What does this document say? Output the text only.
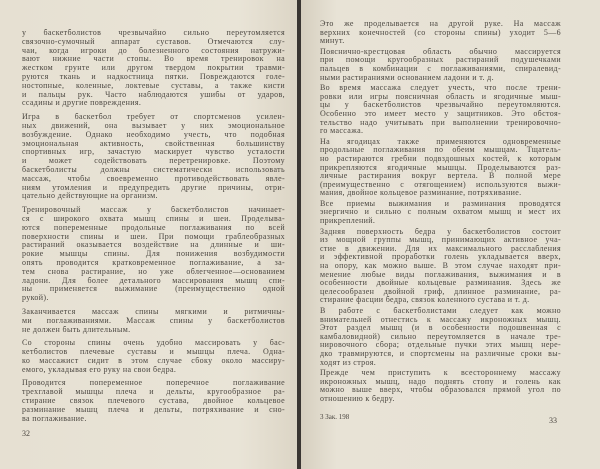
у баскетболистов чрезвычайно сильно переутомляется
связочно-сумочный аппарат суставов. Отмечаются слу-
чаи, когда игроки до болезненного состояния натружи-
вают нижние части стопы. Во время тренировок на
жестком грунте или другом твердом покрытии травми-
руются ткань и надкостница пятки. Повреждаются голе-
ностопные, коленные, локтевые суставы, а также кисти
и пальцы рук. Часто наблюдаются ушибы от ударов,
ссадины и другие повреждения.
Игра в баскетбол требует от спортсменов усилен-
ных движений, она вызывает у них эмоциональное
возбуждение. Однако необходимо учесть, что подобная
эмоциональная активность, свойственная большинству
спортивных игр, зачастую маскирует чувство усталости
и может содействовать перетренировке. Поэтому
баскетболисты должны систематически использовать
массаж, чтобы своевременно противодействовать явле-
ниям утомления и предупредить другие причины, отри-
цательно действующие на организм.
Тренировочный массаж у баскетболистов начинает-
ся с широкого охвата мышц спины и шеи. Проделыва-
ются попеременные продольные поглаживания по всей
поверхности спины и шеи. При помощи граблеобразных
растираний оказывается воздействие на длинные и ши-
рокие мышцы спины. Для понижения возбудимости
опять проводится кратковременное поглаживание, а за-
тем снова растирание, но уже облегченное—основанием
ладони. Для более детального массирования мышц спи-
ны применяется выжимание (преимущественно одной
рукой).
Заканчивается массаж спины мягкими и ритмичны-
ми поглаживаниями. Массаж спины у баскетболистов
не должен быть длительным.
Со стороны спины очень удобно массировать у бас-
кетболистов плечевые суставы и мышцы плеча. Одна-
ко массажист сидит в этом случае сбоку около массиру-
емого, укладывая его руку на свои бедра.
Проводится попеременное поперечное поглаживание
трехглавой мышцы плеча и дельты, кругообразное ра-
стирание связок плечевого сустава, двойное кольцевое
разминание мышц плеча и дельты, потряхивание и сно-
ва поглаживание.
32
Это же проделывается на другой руке. На массаж
верхних конечностей (со стороны спины) уходит 5—6
минут.
Пояснично-крестцовая область обычно массируется
при помощи кругообразных растираний подушечками
пальцев в комбинации с поглаживаниями, спиралевид-
ными растираниями основанием ладони и т. д.
Во время массажа следует учесть, что после трени-
ровки или игры поясничная область и ягодичные мыш-
цы у баскетболистов чрезвычайно переутомляются.
Особенно это имеет место у защитников. Это обстоя-
тельство надо учитывать при выполнении тренировочно-
го массажа.
На ягодицах также применяются одновременные
продольные поглаживания по обеим мышцам. Тщатель-
но растираются гребни подвздошных костей, к которым
прикрепляются ягодичные мышцы. Проделываются раз-
личные растирания вокруг вертела. В полной мере
(преимущественно с отягощением) используются выжи-
мания, двойное кольцевое разминание, потряхивание.
Все приемы выжимания и разминания проводятся
энергично и сильно с полным охватом мышц и мест их
прикреплений.
Задняя поверхность бедра у баскетболистов состоит
из мощной группы мышц, принимающих активное уча-
стие в движении. Для их максимального расслабления
и эффективной проработки голень укладывается вверх,
на опору, как можно выше. В этом случае находят при-
менение любые виды поглаживания, выжимания и в
особенности двойные кольцевые разминания. Здесь же
целесообразен двойной гриф, длинное разминание, ра-
стирание фасции бедра, связок коленного сустава и т. д.
В работе с баскетболистами следует как можно
внимательней отнестись к массажу икроножных мышц.
Этот раздел мышц (и в особенности подошвенная с
камбаловидной) сильно переутомляется в начале тре-
нировочного сбора; отдельные пучки этих мышц нере-
дко травмируются, и спортсмены на различные сроки вы-
ходят из строя.
Прежде чем приступить к всестороннему массажу
икроножных мышц, надо поднять стопу и голень как
можно выше вверх, чтобы образовался прямой угол по
отношению к бедру.
3 Зак. 198	33
